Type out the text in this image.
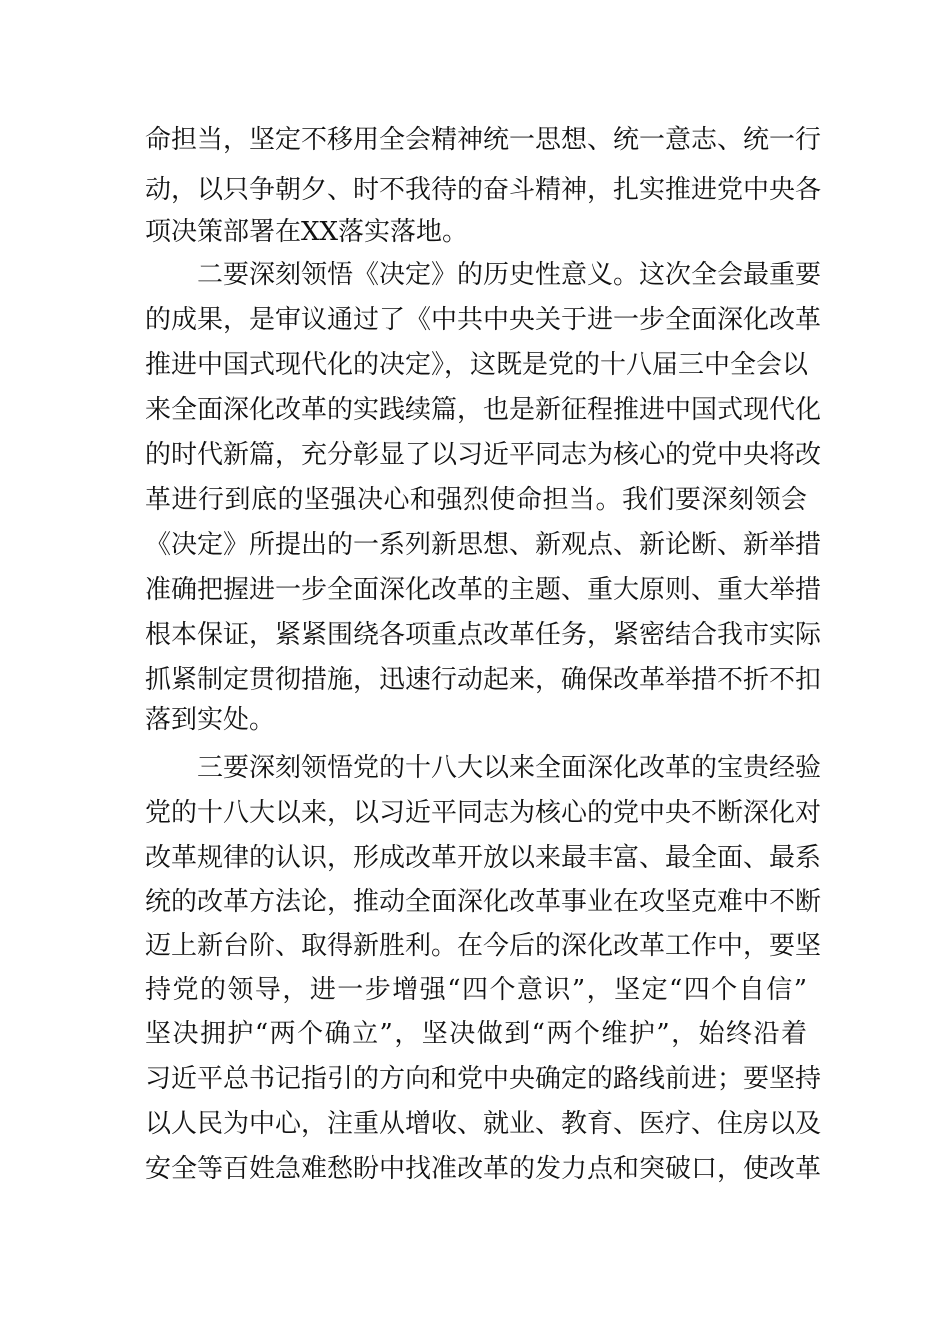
命担当，坚定不移用全会精神统一思想、统一意志、统一行
动，以只争朝夕、时不我待的奋斗精神，扎实推进党中央各
项决策部署在XX落实落地。
二要深刻领悟《决定》的历史性意义。这次全会最重要
的成果，是审议通过了《中共中央关于进一步全面深化改革
推进中国式现代化的决定》，这既是党的十八届三中全会以
来全面深化改革的实践续篇，也是新征程推进中国式现代化
的时代新篇，充分彰显了以习近平同志为核心的党中央将改
革进行到底的坚强决心和强烈使命担当。我们要深刻领会
《决定》所提出的一系列新思想、新观点、新论断、新举措
准确把握进一步全面深化改革的主题、重大原则、重大举措
根本保证，紧紧围绕各项重点改革任务，紧密结合我市实际
抓紧制定贯彻措施，迅速行动起来，确保改革举措不折不扣
落到实处。
三要深刻领悟党的十八大以来全面深化改革的宝贵经验
党的十八大以来，以习近平同志为核心的党中央不断深化对
改革规律的认识，形成改革开放以来最丰富、最全面、最系
统的改革方法论，推动全面深化改革事业在攻坚克难中不断
迈上新台阶、取得新胜利。在今后的深化改革工作中，要坚
持党的领导，进一步增强“四个意识”，坚定“四个自信”
坚决拥护“两个确立”，坚决做到“两个维护”，始终沿着
习近平总书记指引的方向和党中央确定的路线前进；要坚持
以人民为中心，注重从增收、就业、教育、医疗、住房以及
安全等百姓急难愁盼中找准改革的发力点和突破口，使改革
